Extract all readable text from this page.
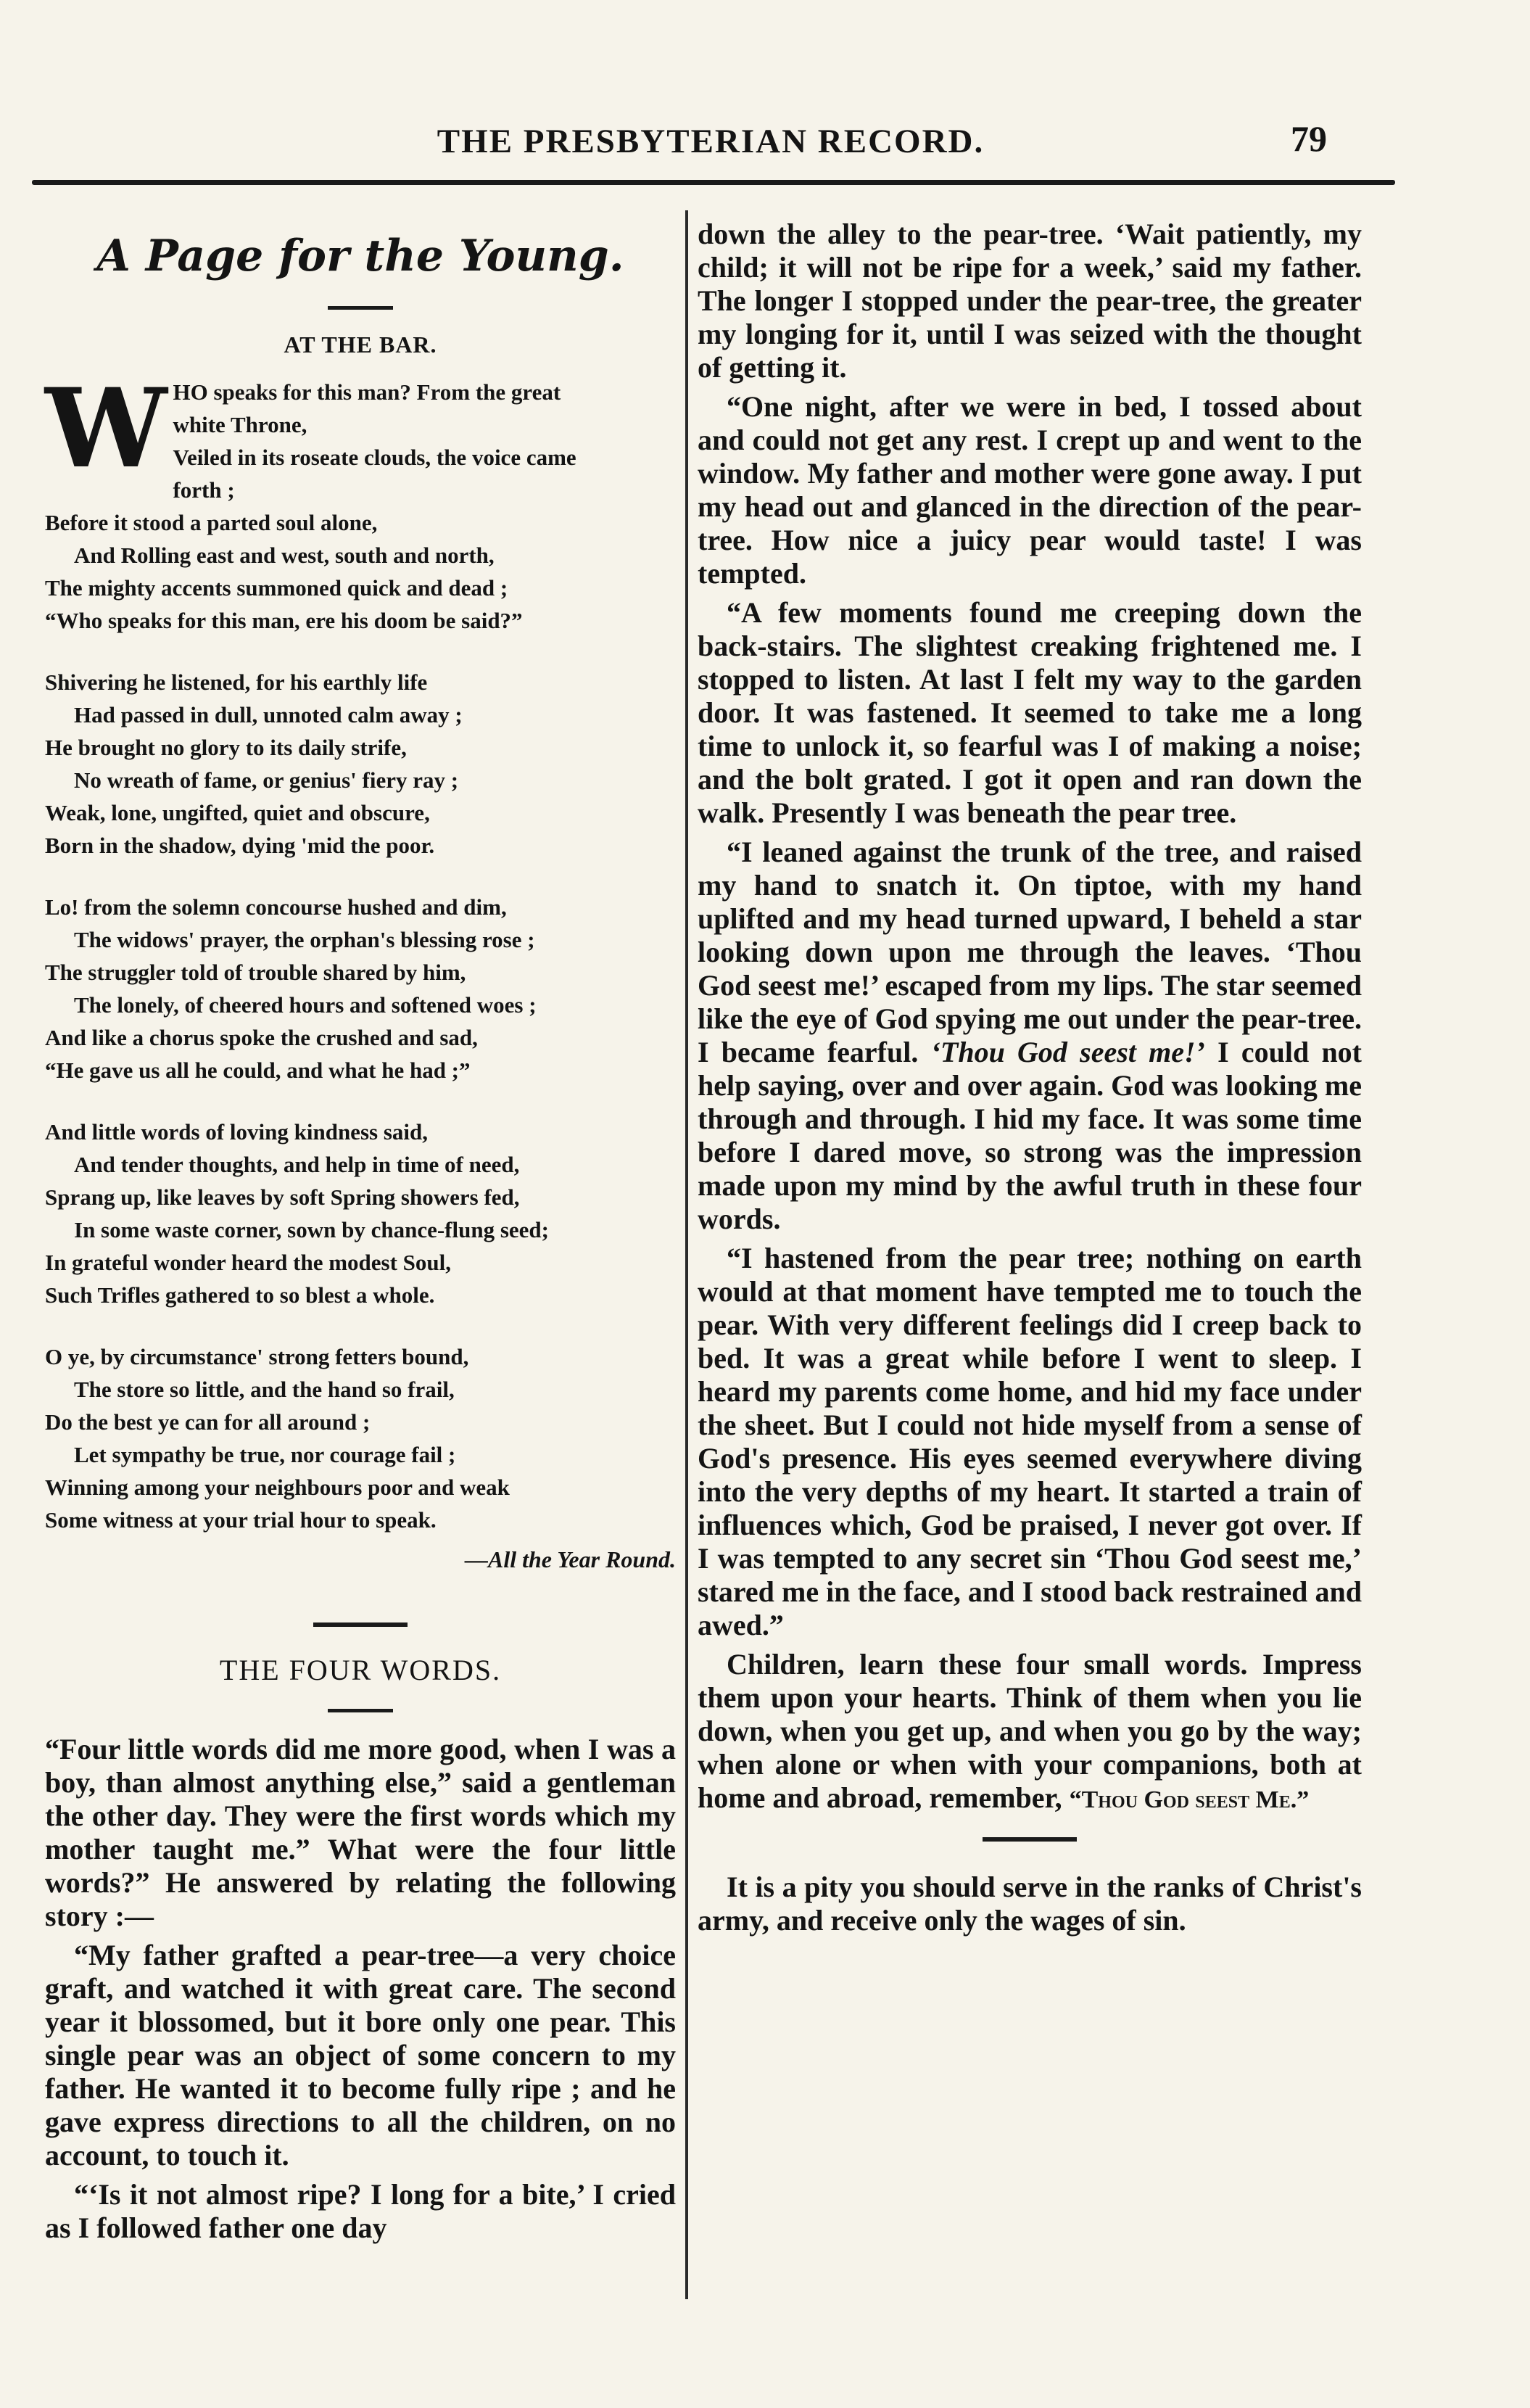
THE PRESBYTERIAN RECORD.	79
A Page for the Young.
AT THE BAR.
W HO speaks for this man? From the great

white Throne,

Veiled in its roseate clouds, the voice came

forth ;

Before it stood a parted soul alone,

And Rolling east and west, south and north,

The mighty accents summoned quick and dead ;

“Who speaks for this man, ere his doom be said?”

Shivering he listened, for his earthly life

Had passed in dull, unnoted calm away ;

He brought no glory to its daily strife,

No wreath of fame, or genius' fiery ray ;

Weak, lone, ungifted, quiet and obscure,

Born in the shadow, dying 'mid the poor.

Lo! from the solemn concourse hushed and dim,

The widows' prayer, the orphan's blessing rose ;

The struggler told of trouble shared by him,

The lonely, of cheered hours and softened woes ;

And like a chorus spoke the crushed and sad,

“He gave us all he could, and what he had ;”

And little words of loving kindness said,

And tender thoughts, and help in time of need,

Sprang up, like leaves by soft Spring showers fed,

In some waste corner, sown by chance-flung seed;

In grateful wonder heard the modest Soul,

Such Trifles gathered to so blest a whole.

O ye, by circumstance' strong fetters bound,

The store so little, and the hand so frail,

Do the best ye can for all around ;

Let sympathy be true, nor courage fail ;

Winning among your neighbours poor and weak

Some witness at your trial hour to speak.

—All the Year Round.
THE FOUR WORDS.

“Four little words did me more good, when I was a boy, than almost anything else,” said a gentleman the other day. They were the first words which my mother taught me.” What were the four little words?” He answered by relating the following story :—

“My father grafted a pear-tree—a very choice graft, and watched it with great care. The second year it blossomed, but it bore only one pear. This single pear was an object of some concern to my father. He wanted it to become fully ripe ; and he gave express directions to all the children, on no account, to touch it.

“‘Is it not almost ripe? I long for a bite,’ I cried as I followed father one day

down the alley to the pear-tree. ‘Wait patiently, my child; it will not be ripe for a week,’ said my father. The longer I stopped under the pear-tree, the greater my longing for it, until I was seized with the thought of getting it.

“One night, after we were in bed, I tossed about and could not get any rest. I crept up and went to the window. My father and mother were gone away. I put my head out and glanced in the direction of the pear-tree. How nice a juicy pear would taste! I was tempted.

“A few moments found me creeping down the back-stairs. The slightest creaking frightened me. I stopped to listen. At last I felt my way to the garden door. It was fastened. It seemed to take me a long time to unlock it, so fearful was I of making a noise; and the bolt grated. I got it open and ran down the walk. Presently I was beneath the pear tree.

“I leaned against the trunk of the tree, and raised my hand to snatch it. On tiptoe, with my hand uplifted and my head turned upward, I beheld a star looking down upon me through the leaves. ‘Thou God seest me!’ escaped from my lips. The star seemed like the eye of God spying me out under the pear-tree. I became fearful. ‘Thou God seest me!’ I could not help saying, over and over again. God was looking me through and through. I hid my face. It was some time before I dared move, so strong was the impression made upon my mind by the awful truth in these four words.

“I hastened from the pear tree; nothing on earth would at that moment have tempted me to touch the pear. With very different feelings did I creep back to bed. It was a great while before I went to sleep. I heard my parents come home, and hid my face under the sheet. But I could not hide myself from a sense of God's presence. His eyes seemed everywhere diving into the very depths of my heart. It started a train of influences which, God be praised, I never got over. If I was tempted to any secret sin ‘Thou God seest me,’ stared me in the face, and I stood back restrained and awed.”

Children, learn these four small words. Impress them upon your hearts. Think of them when you lie down, when you get up, and when you go by the way; when alone or when with your companions, both at home and abroad, remember, “Thou God seest Me.”

It is a pity you should serve in the ranks of Christ's army, and receive only the wages of sin.
